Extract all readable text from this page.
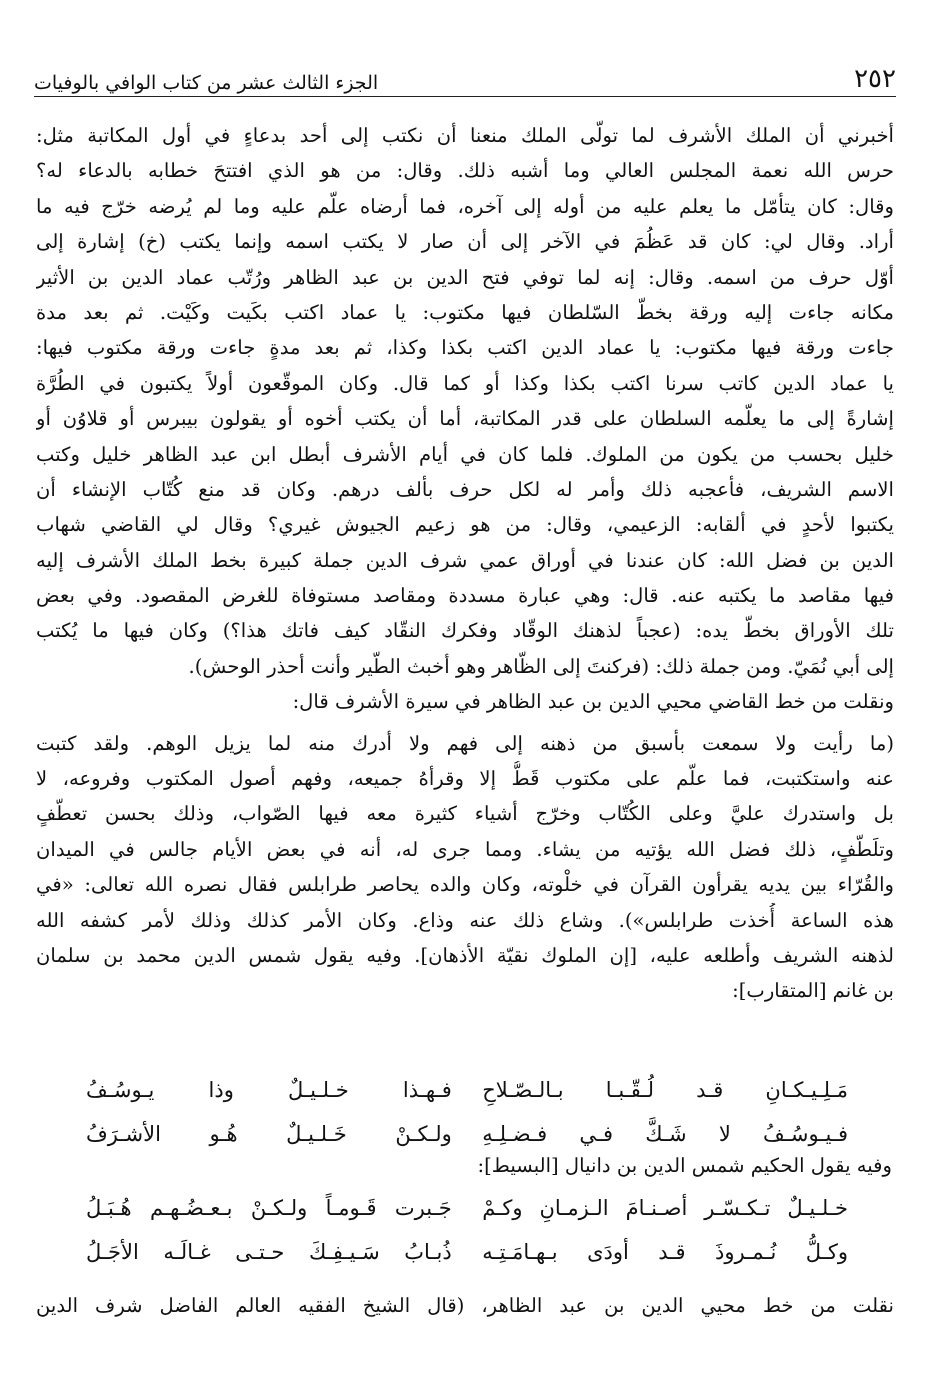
٢٥٢
الجزء الثالث عشر من كتاب الوافي بالوفيات
أخبرني أن الملك الأشرف لما تولّى الملك منعنا أن نكتب إلى أحد بدعاءٍ في أول المكاتبة مثل:
حرس الله نعمة المجلس العالي وما أشبه ذلك. وقال: من هو الذي افتتحَ خطابه بالدعاء له؟
وقال: كان يتأمّل ما يعلم عليه من أوله إلى آخره، فما أرضاه علّم عليه وما لم يُرضه خرّج فيه ما
أراد. وقال لي: كان قد عَظُمَ في الآخر إلى أن صار لا يكتب اسمه وإنما يكتب (خ) إشارة إلى
أوّل حرف من اسمه. وقال: إنه لما توفي فتح الدين بن عبد الظاهر ورُتّب عماد الدين بن الأثير
مكانه جاءت إليه ورقة بخطّ السّلطان فيها مكتوب: يا عماد اكتب بكَيت وكَيْت. ثم بعد مدة
جاءت ورقة فيها مكتوب: يا عماد الدين اكتب بكذا وكذا، ثم بعد مدةٍ جاءت ورقة مكتوب فيها:
يا عماد الدين كاتب سرنا اكتب بكذا وكذا أو كما قال. وكان الموقّعون أولاً يكتبون في الطُرَّة
إشارةً إلى ما يعلّمه السلطان على قدر المكاتبة، أما أن يكتب أخوه أو يقولون بيبرس أو قلاوُن أو
خليل بحسب من يكون من الملوك. فلما كان في أيام الأشرف أبطل ابن عبد الظاهر خليل وكتب
الاسم الشريف، فأعجبه ذلك وأمر له لكل حرف بألف درهم. وكان قد منع كُتّاب الإنشاء أن
يكتبوا لأحدٍ في ألقابه: الزعيمي، وقال: من هو زعيم الجيوش غيري؟ وقال لي القاضي شهاب
الدين بن فضل الله: كان عندنا في أوراق عمي شرف الدين جملة كبيرة بخط الملك الأشرف إليه
فيها مقاصد ما يكتبه عنه. قال: وهي عبارة مسددة ومقاصد مستوفاة للغرض المقصود. وفي بعض
تلك الأوراق بخطّ يده: (عجباً لذهنك الوقّاد وفكرك النقّاد كيف فاتك هذا؟) وكان فيها ما يُكتب
إلى أبي نُمَيّ. ومن جملة ذلك: (فركنتَ إلى الظّاهر وهو أخبث الطّير وأنت أحذر الوحش).
ونقلت من خط القاضي محيي الدين بن عبد الظاهر في سيرة الأشرف قال:
(ما رأيت ولا سمعت بأسبق من ذهنه إلى فهم ولا أدرك منه لما يزيل الوهم. ولقد كتبت
عنه واستكتبت، فما علّم على مكتوب قَطُّ إلا وقرأهُ جميعه، وفهم أصول المكتوب وفروعه، لا
بل واستدرك عليَّ وعلى الكُتّاب وخرّج أشياء كثيرة معه فيها الصّواب، وذلك بحسن تعطّفٍ
وتلَطّفٍ، ذلك فضل الله يؤتيه من يشاء. ومما جرى له، أنه في بعض الأيام جالس في الميدان
والقُرّاء بين يديه يقرأون القرآن في خلْوته، وكان والده يحاصر طرابلس فقال نصره الله تعالى: «في
هذه الساعة أُخذت طرابلس»). وشاع ذلك عنه وذاع. وكان الأمر كذلك وذلك لأمر كشفه الله
لذهنه الشريف وأطلعه عليه، [إن الملوك نقيّة الأذهان]. وفيه يقول شمس الدين محمد بن سلمان
بن غانم [المتقارب]:
مَـلِـيـكـانِ قـد لُـقّـبـا بـالـصّـلاحِ
فـهـذا خـلـيـلٌ وذا يـوسُـفُ
فـيـوسُـفُ لا شَـكَّ فـي فـضـلِـهِ
ولـكـنْ خَـلـيـلٌ هُـو الأشـرَفُ
وفيه يقول الحكيم شمس الدين بن دانيال [البسيط]:
خـلـيـلٌ تـكـسّـر أصـنـامَ الـزمـانِ وكـمْ
جَـبرت قَـومـاً ولـكـنْ بـعـضُـهـم هُـبَـلُ
وكـلُّ نُـمـروذَ قـد أودَى بـهـامَـتِـه
ذُبـابُ سَـيـفِـكَ حـتـى غـالَـه الأجَـلُ
نقلت من خط محيي الدين بن عبد الظاهر، (قال الشيخ الفقيه العالم الفاضل شرف الدين
